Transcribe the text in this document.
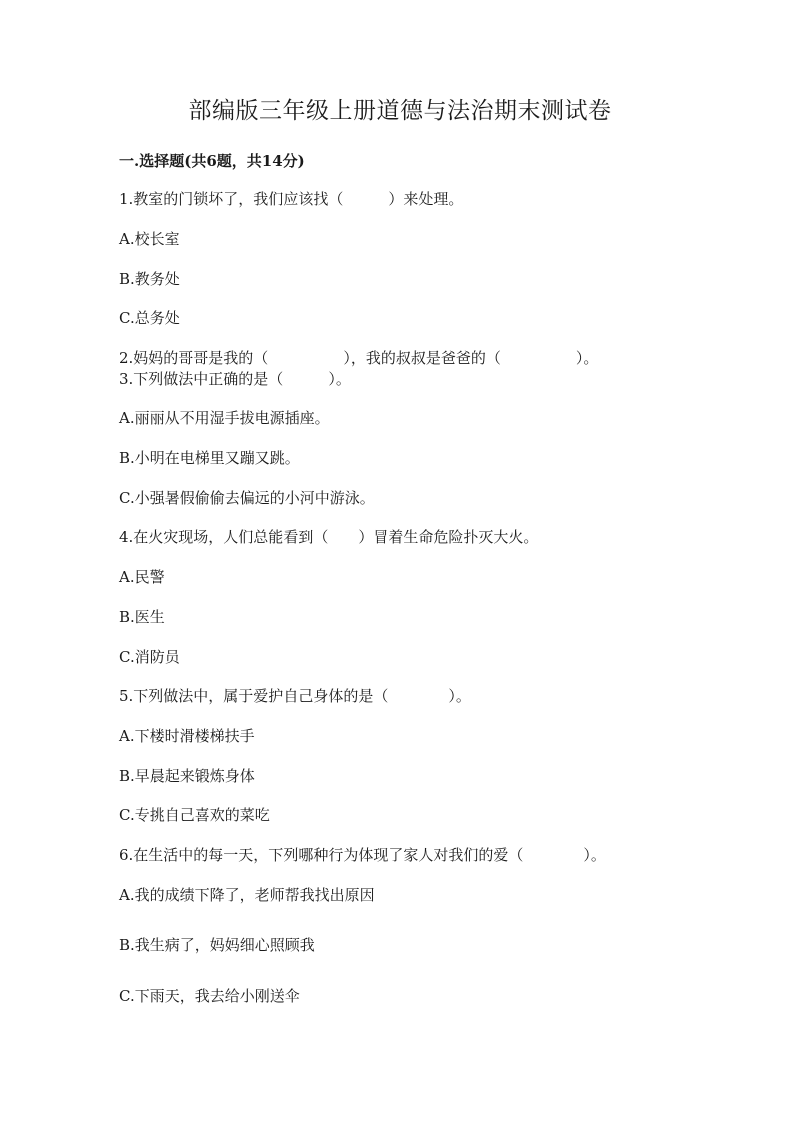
部编版三年级上册道德与法治期末测试卷
一.选择题(共6题，共14分)
1.教室的门锁坏了，我们应该找（　　　）来处理。
A.校长室
B.教务处
C.总务处
2.妈妈的哥哥是我的（　　　　　），我的叔叔是爸爸的（　　　　　）。
3.下列做法中正确的是（　　　）。
A.丽丽从不用湿手拔电源插座。
B.小明在电梯里又蹦又跳。
C.小强暑假偷偷去偏远的小河中游泳。
4.在火灾现场，人们总能看到（　　）冒着生命危险扑灭大火。
A.民警
B.医生
C.消防员
5.下列做法中，属于爱护自己身体的是（　　　　）。
A.下楼时滑楼梯扶手
B.早晨起来锻炼身体
C.专挑自己喜欢的菜吃
6.在生活中的每一天，下列哪种行为体现了家人对我们的爱（　　　　）。
A.我的成绩下降了，老师帮我找出原因
B.我生病了，妈妈细心照顾我
C.下雨天，我去给小刚送伞
